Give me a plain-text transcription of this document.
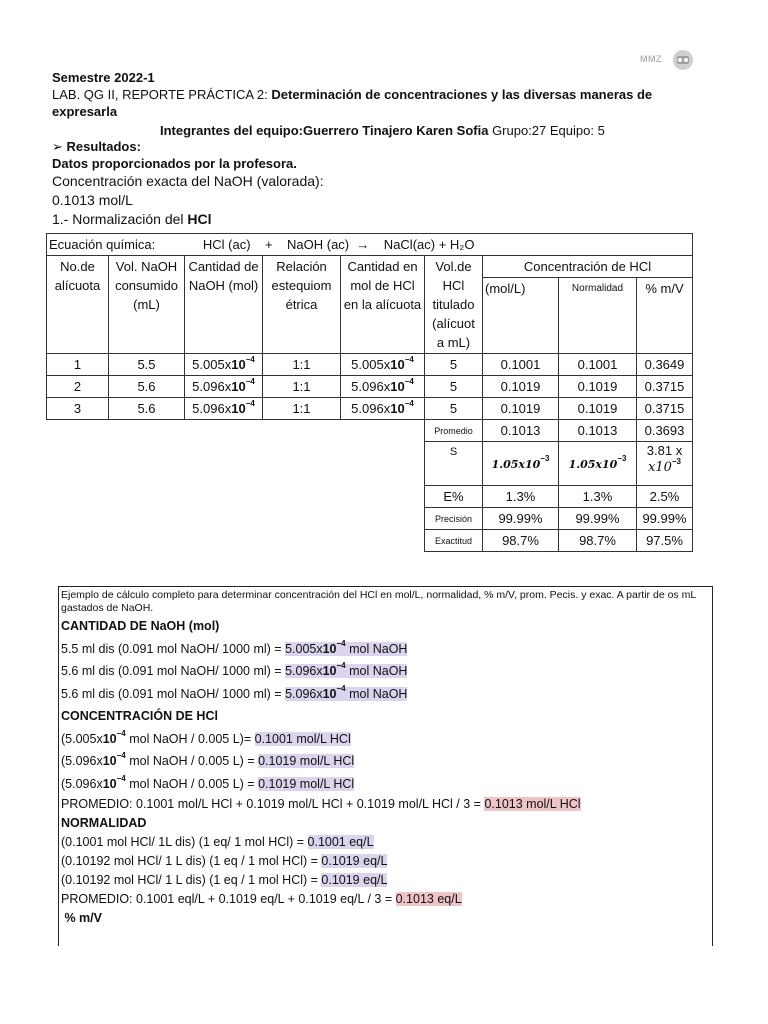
MMZ
Semestre 2022-1
LAB. QG II, REPORTE PRÁCTICA 2: Determinación de concentraciones y las diversas maneras de
expresarla
Integrantes del equipo:Guerrero Tinajero Karen Sofia Grupo:27 Equipo: 5
➢ Resultados:
Datos proporcionados por la profesora.
Concentración exacta del NaOH (valorada):
0.1013 mol/L
1.- Normalización del HCl
Ecuación química: HCl (ac)    +    NaOH (ac)  →    NaCl(ac) + H₂O								
No.de alícuota	Vol. NaOH consumido (mL)	Cantidad de NaOH (mol)	Relación estequiom étrica	Cantidad en mol de HCl en la alícuota	Vol.de HCl titulado (alícuot a mL)	Concentración de HCl		
						(mol/L)	Normalidad	% m/V
1	5.5	$5.005x10^{-4}$	1:1	$5.005x10^{-4}$	5	0.1001	0.1001	0.3649
2	5.6	$5.096x10^{-4}$	1:1	$5.096x10^{-4}$	5	0.1019	0.1019	0.3715
3	5.6	$5.096x10^{-4}$	1:1	$5.096x10^{-4}$	5	0.1019	0.1019	0.3715
					Promedio	0.1013	0.1013	0.3693
					S	$1.05x10^{-3}$	$1.05x10^{-3}$	3.81 x
$x10^{-3}$
					E%	1.3%	1.3%	2.5%
					Precisión	99.99%	99.99%	99.99%
					Exactitud	98.7%	98.7%	97.5%
Ejemplo de cálculo completo para determinar concentración del HCl en mol/L, normalidad, % m/V, prom. Pecis. y exac. A partir de os mL gastados de NaOH.
CANTIDAD DE NaOH (mol)
5.5 ml dis (0.091 mol NaOH/ 1000 $ml) = 5.005x10^{-4}$ mol NaOH
5.6 ml dis (0.091 mol NaOH/ 1000 $ml) = 5.096x10^{-4}$ mol NaOH
5.6 ml dis (0.091 mol NaOH/ 1000 $ml) = 5.096x10^{-4}$ mol NaOH
CONCENTRACIÓN DE HCl
($5.005x10^{-4}$ mol NaOH / 0.005 L)= 0.1001 mol/L HCl
($5.096x10^{-4}$ mol NaOH / 0.005 L) = 0.1019 mol/L HCl
($5.096x10^{-4}$ mol NaOH / 0.005 L) = 0.1019 mol/L HCl
PROMEDIO: 0.1001 mol/L HCl + 0.1019 mol/L HCl + 0.1019 mol/L HCl / 3 = 0.1013 mol/L HCl
NORMALIDAD
(0.1001 mol HCl/ 1L dis) (1 eq/ 1 mol HCl) = 0.1001 eq/L
(0.10192 mol HCl/ 1 L dis) (1 eq / 1 mol HCl) = 0.1019 eq/L
(0.10192 mol HCl/ 1 L dis) (1 eq / 1 mol HCl) = 0.1019 eq/L
PROMEDIO: 0.1001 eql/L + 0.1019 eq/L + 0.1019 eq/L / 3 = 0.1013 eq/L
% m/V
